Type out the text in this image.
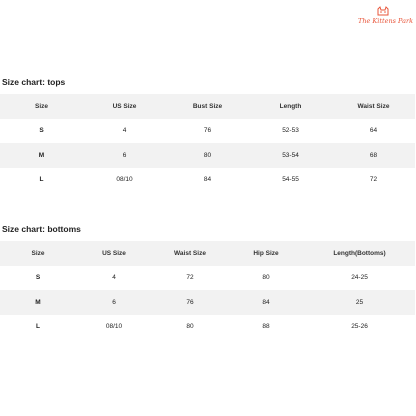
The Kittens Park
Size chart: tops
Size	US Size	Bust Size	Length	Waist Size
S	4	76	52-53	64
M	6	80	53-54	68
L	08/10	84	54-55	72
Size chart: bottoms
Size	US Size	Waist Size	Hip Size	Length(Bottoms)
S	4	72	80	24-25
M	6	76	84	25
L	08/10	80	88	25-26
